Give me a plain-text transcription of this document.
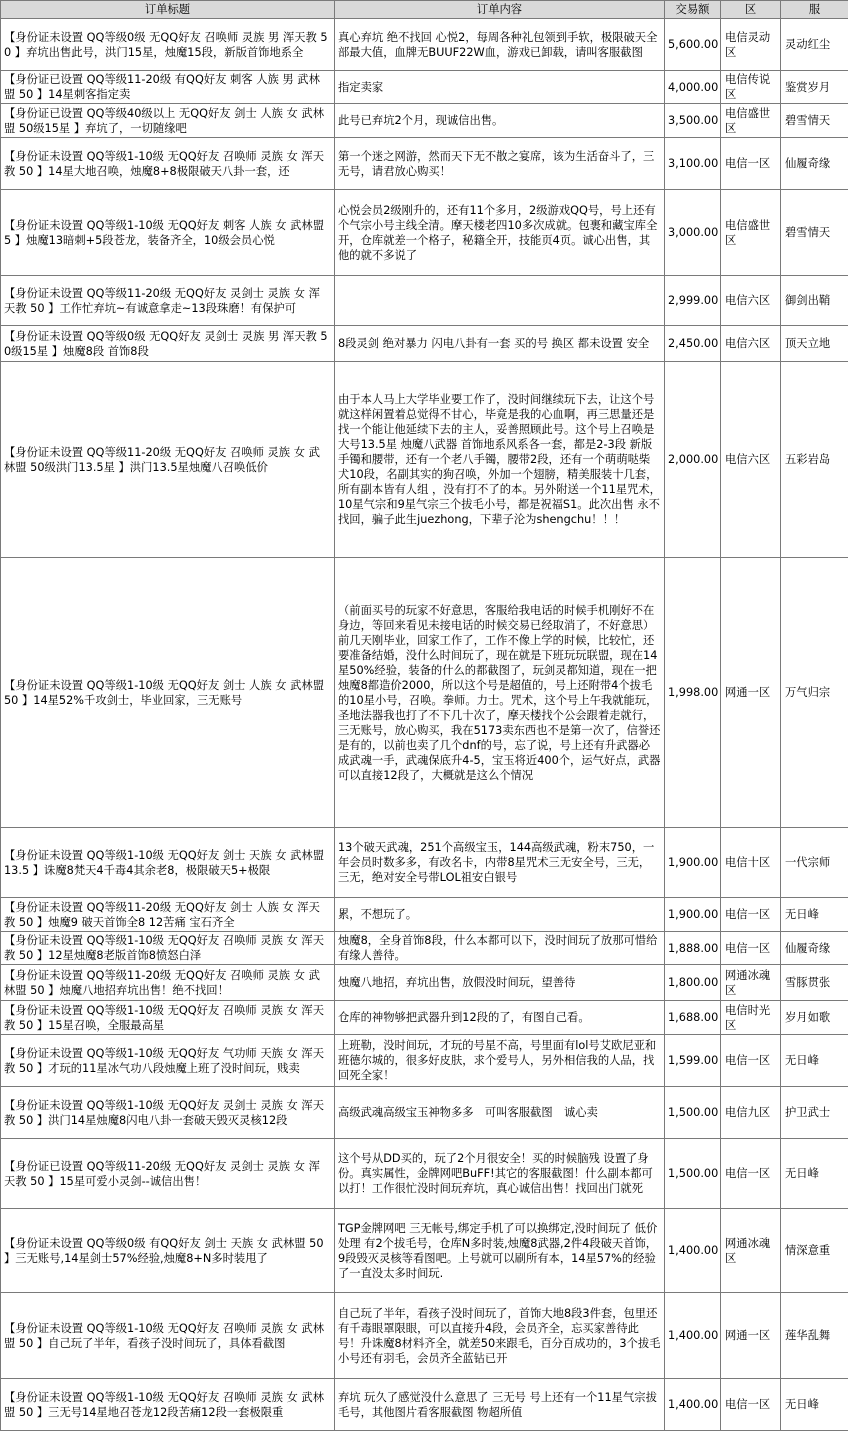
订单标题	订单内容	交易额	区	服
【身份证未设置 QQ等级0级 无QQ好友 召唤师 灵族 男 浑天教 50 】弃坑出售此号，洪门15星，烛魔15段，新版首饰地系全	真心弃坑 绝不找回 心悦2，每周各种礼包领到手软，极限破天全部最大值，血牌无BUUF22W血，游戏已卸载，请叫客服截图	5,600.00	电信灵动区	灵动红尘
【身份证已设置 QQ等级11-20级 有QQ好友 刺客 人族 男 武林盟 50 】14星刺客指定卖	指定卖家	4,000.00	电信传说区	鉴赏岁月
【身份证已设置 QQ等级40级以上 无QQ好友 剑士 人族 女 武林盟 50级15星 】弃坑了，一切随缘吧	此号已弃坑2个月，现诚信出售。	3,500.00	电信盛世区	碧雪情天
【身份证未设置 QQ等级1-10级 无QQ好友 召唤师 灵族 女 浑天教 50 】14星大地召唤，烛魔8+8极限破天八卦一套，还	第一个迷之网游，然而天下无不散之宴席，该为生活奋斗了，三无号，请君放心购买！	3,100.00	电信一区	仙履奇缘
【身份证未设置 QQ等级1-10级 无QQ好友 刺客 人族 女 武林盟 5 】烛魔13暗刺+5段苍龙，装备齐全，10级会员心悦	心悦会员2级刚升的，还有11个多月，2级游戏QQ号，号上还有个气宗小号主线全清。摩天楼老四10多次成就。包裹和藏宝库全开，仓库就差一个格子，秘籍全开，技能页4页。诚心出售，其他的就不多说了	3,000.00	电信盛世区	碧雪情天
【身份证未设置 QQ等级11-20级 无QQ好友 灵剑士 灵族 女 浑天教 50 】工作忙弃坑~有诚意拿走~13段珠磨！有保护可		2,999.00	电信六区	御剑出鞘
【身份证未设置 QQ等级0级 无QQ好友 灵剑士 灵族 男 浑天教 50级15星 】烛魔8段 首饰8段	8段灵剑 绝对暴力 闪电八卦有一套 买的号 换区 都未设置 安全	2,450.00	电信六区	顶天立地
【身份证未设置 QQ等级11-20级 无QQ好友 召唤师 灵族 女 武林盟 50级洪门13.5星 】洪门13.5星烛魔八召唤低价	由于本人马上大学毕业要工作了，没时间继续玩下去，让这个号就这样闲置着总觉得不甘心，毕竟是我的心血啊，再三思量还是找一个能让他延续下去的主人，妥善照顾此号。这个号上召唤是大号13.5星 烛魔八武器 首饰地系风系各一套，都是2-3段 新版手镯和腰带，还有一个老八手镯，腰带2段，还有一个萌萌哒柴犬10段，名副其实的狗召唤，外加一个翅膀，精美服装十几套，所有副本皆有人组 ，没有打不了的本。另外附送一个11星咒术，10星气宗和9星气宗三个拔毛小号，都是祝福S1。此次出售 永不找回，骗子此生juezhong，下辈子沦为shengchu！！！	2,000.00	电信六区	五彩岩岛
【身份证未设置 QQ等级1-10级 无QQ好友 剑士 人族 女 武林盟 50 】14星52%千攻剑士，毕业回家，三无账号	（前面买号的玩家不好意思，客服给我电话的时候手机刚好不在身边，等回来看见未接电话的时候交易已经取消了，不好意思）前几天刚毕业，回家工作了，工作不像上学的时候，比较忙，还要准备结婚，没什么时间玩了，现在就是下班玩玩联盟，现在14星50%经验，装备的什么的都截图了，玩剑灵都知道，现在一把烛魔8都造价2000，所以这个号是超值的，号上还附带4个拔毛的10星小号，召唤。拳师。力士。咒术，这个号上午我就能玩，圣地法器我也打了不下几十次了，摩天楼找个公会跟着走就行，三无账号，放心购买，我在5173卖东西也不是第一次了，信誉还是有的，以前也卖了几个dnf的号，忘了说，号上还有升武器必成武魂一手，武魂保底升4-5，宝玉将近400个，运气好点，武器可以直接12段了，大概就是这么个情况	1,998.00	网通一区	万气归宗
【身份证未设置 QQ等级1-10级 无QQ好友 剑士 天族 女 武林盟 13.5 】诛魔8梵天4千毒4其余老8，极限破天5+极限	13个破天武魂，251个高级宝玉，144高级武魂，粉末750，一年会员时数多多，有改名卡，内带8星咒术三无安全号，三无，三无，绝对安全号带LOL祖安白银号	1,900.00	电信十区	一代宗师
【身份证未设置 QQ等级11-20级 无QQ好友 剑士 人族 女 浑天教 50 】烛魔9 破天首饰全8 12苦痛 宝石齐全	累，不想玩了。	1,900.00	电信一区	无日峰
【身份证未设置 QQ等级1-10级 无QQ好友 召唤师 灵族 女 浑天教 50 】12星烛魔8老版首饰8愤怒白泽	烛魔8，全身首饰8段，什么本都可以下，没时间玩了放那可惜给有缘人善待。	1,888.00	电信一区	仙履奇缘
【身份证未设置 QQ等级11-20级 无QQ好友 召唤师 灵族 女 武林盟 50 】烛魔八地招弃坑出售！绝不找回！	烛魔八地招，弃坑出售，放假没时间玩，望善待	1,800.00	网通冰魂区	雪豚贯张
【身份证未设置 QQ等级1-10级 无QQ好友 召唤师 灵族 女 浑天教 50 】15星召唤，全服最高星	仓库的神物够把武器升到12段的了，有图自己看。	1,688.00	电信时光区	岁月如歌
【身份证未设置 QQ等级1-10级 无QQ好友 气功师 天族 女 浑天教 50 】才玩的11星冰气功八段烛魔上班了没时间玩，贱卖	上班勒，没时间玩，才玩的号星不高，号里面有lol号艾欧尼亚和班德尔城的，很多好皮肤，求个爱号人，另外相信我的人品，找回死全家！	1,599.00	电信一区	无日峰
【身份证未设置 QQ等级1-10级 无QQ好友 灵剑士 灵族 女 浑天教 50 】洪门14星烛魔8闪电八卦一套破天毁灭灵核12段	高级武魂高级宝玉神物多多　可叫客服截图　诚心卖	1,500.00	电信九区	护卫武士
【身份证已设置 QQ等级11-20级 无QQ好友 灵剑士 灵族 女 浑天教 50 】15星可爱小灵剑--诚信出售！	这个号从DD买的，玩了2个月很安全！买的时候脑残 设置了身份。真实属性，金牌网吧BuFF!其它的客服截图！什么副本都可以打！工作很忙没时间玩弃坑，真心诚信出售！找回出门就死	1,500.00	电信一区	无日峰
【身份证未设置 QQ等级0级 有QQ好友 剑士 天族 女 武林盟 50 】三无账号,14星剑士57%经验,烛魔8+N多时装甩了	TGP金牌网吧 三无帐号,绑定手机了可以换绑定,没时间玩了 低价处理 有2个拔毛号，仓库N多时装,烛魔8武器,2件4段破天首饰，9段毁灭灵核等看图吧。上号就可以刷所有本，14星57%的经验了一直没太多时间玩.	1,400.00	网通冰魂区	情深意重
【身份证未设置 QQ等级1-10级 无QQ好友 召唤师 灵族 女 武林盟 50 】自己玩了半年，看孩子没时间玩了，具体看截图	自己玩了半年，看孩子没时间玩了，首饰大地8段3件套，包里还有千毒眼罩限眼，可以直接升4段，会员齐全，忘买家善待此号！升诛魔8材料齐全，就差50来跟毛，百分百成功的，3个拔毛小号还有羽毛，会员齐全蓝钻已开	1,400.00	网通一区	莲华乱舞
【身份证未设置 QQ等级1-10级 无QQ好友 召唤师 灵族 女 武林盟 50 】三无号14星地召苍龙12段苦痛12段一套极限重	弃坑 玩久了感觉没什么意思了 三无号 号上还有一个11星气宗拔毛号，其他图片看客服截图 物超所值	1,400.00	电信一区	无日峰
